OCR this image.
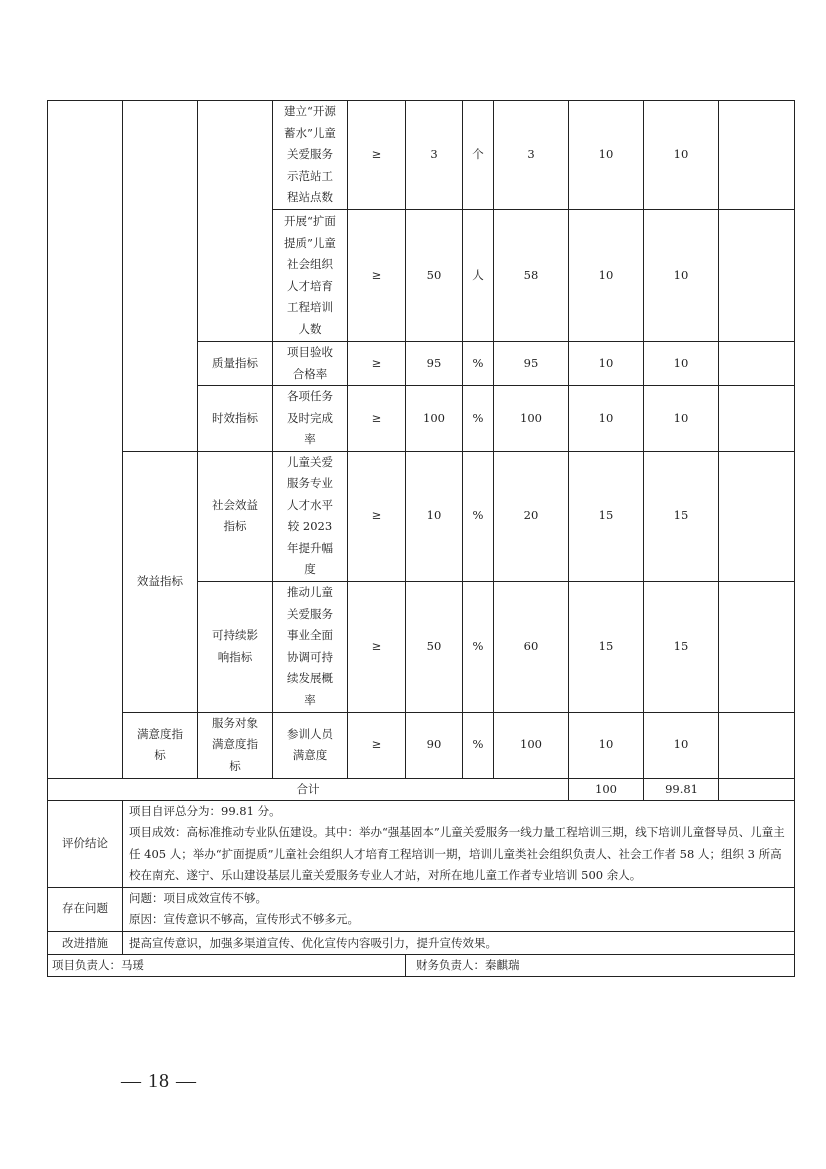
			建立“开源蓄水”儿童关爱服务示范站工程站点数	≥	3	个	3	10	10	
			开展“扩面提质”儿童社会组织人才培育工程培训人数	≥	50	人	58	10	10	
		质量指标	项目验收合格率	≥	95	%	95	10	10	
		时效指标	各项任务及时完成率	≥	100	%	100	10	10	
	效益指标	社会效益指标	儿童关爱服务专业人才水平较 2023 年提升幅度	≥	10	%	20	15	15	
		可持续影响指标	推动儿童关爱服务事业全面协调可持续发展概率	≥	50	%	60	15	15	
	满意度指标	服务对象满意度指标	参训人员满意度	≥	90	%	100	10	10	
合计								100	99.81	
评价结论	项目自评总分为：99.81 分。
项目成效：高标准推动专业队伍建设。其中：举办“强基固本”儿童关爱服务一线力量工程培训三期，线下培训儿童督导员、儿童主任 405 人；举办“扩面提质”儿童社会组织人才培育工程培训一期，培训儿童类社会组织负责人、社会工作者 58 人；组织 3 所高校在南充、遂宁、乐山建设基层儿童关爱服务专业人才站，对所在地儿童工作者专业培训 500 余人。									

存在问题	问题：项目成效宣传不够。
原因：宣传意识不够高，宣传形式不够多元。									

改进措施	提高宣传意识，加强多渠道宣传、优化宣传内容吸引力，提升宣传效果。									
项目负责人：马瑗					财务负责人：秦麒瑞					
— 18 —
